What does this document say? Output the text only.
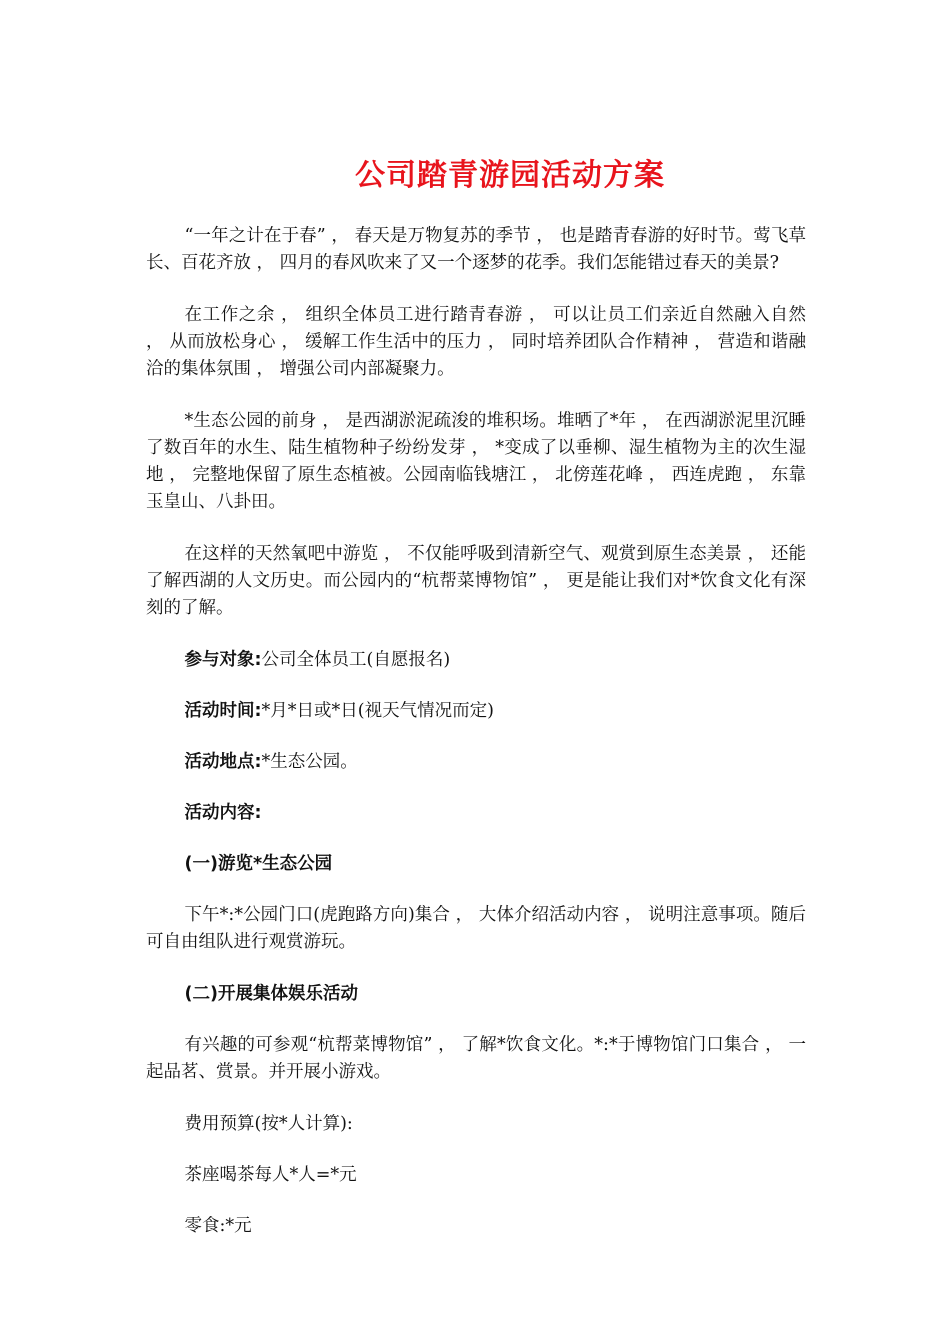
公司踏青游园活动方案

“一年之计在于春” ， 春天是万物复苏的季节 ， 也是踏青春游的好时节。莺飞草长、百花齐放 ， 四月的春风吹来了又一个逐梦的花季。我们怎能错过春天的美景?

在工作之余 ， 组织全体员工进行踏青春游 ， 可以让员工们亲近自然融入自然 ， 从而放松身心 ， 缓解工作生活中的压力 ， 同时培养团队合作精神 ， 营造和谐融洽的集体氛围 ， 增强公司内部凝聚力。

*生态公园的前身 ， 是西湖淤泥疏浚的堆积场。堆晒了*年 ， 在西湖淤泥里沉睡了数百年的水生、陆生植物种子纷纷发芽 ， *变成了以垂柳、湿生植物为主的次生湿地 ， 完整地保留了原生态植被。公园南临钱塘江 ， 北傍莲花峰 ， 西连虎跑 ， 东靠玉皇山、八卦田。

在这样的天然氧吧中游览 ， 不仅能呼吸到清新空气、观赏到原生态美景 ， 还能了解西湖的人文历史。而公园内的“杭帮菜博物馆” ， 更是能让我们对*饮食文化有深刻的了解。

参与对象:公司全体员工(自愿报名)

活动时间:*月*日或*日(视天气情况而定)

活动地点:*生态公园。

活动内容:

(一)游览*生态公园

下午*:*公园门口(虎跑路方向)集合 ， 大体介绍活动内容 ， 说明注意事项。随后可自由组队进行观赏游玩。

(二)开展集体娱乐活动

有兴趣的可参观“杭帮菜博物馆” ， 了解*饮食文化。*:*于博物馆门口集合 ， 一起品茗、赏景。并开展小游戏。

费用预算(按*人计算):

茶座喝茶每人*人=*元

零食:*元
